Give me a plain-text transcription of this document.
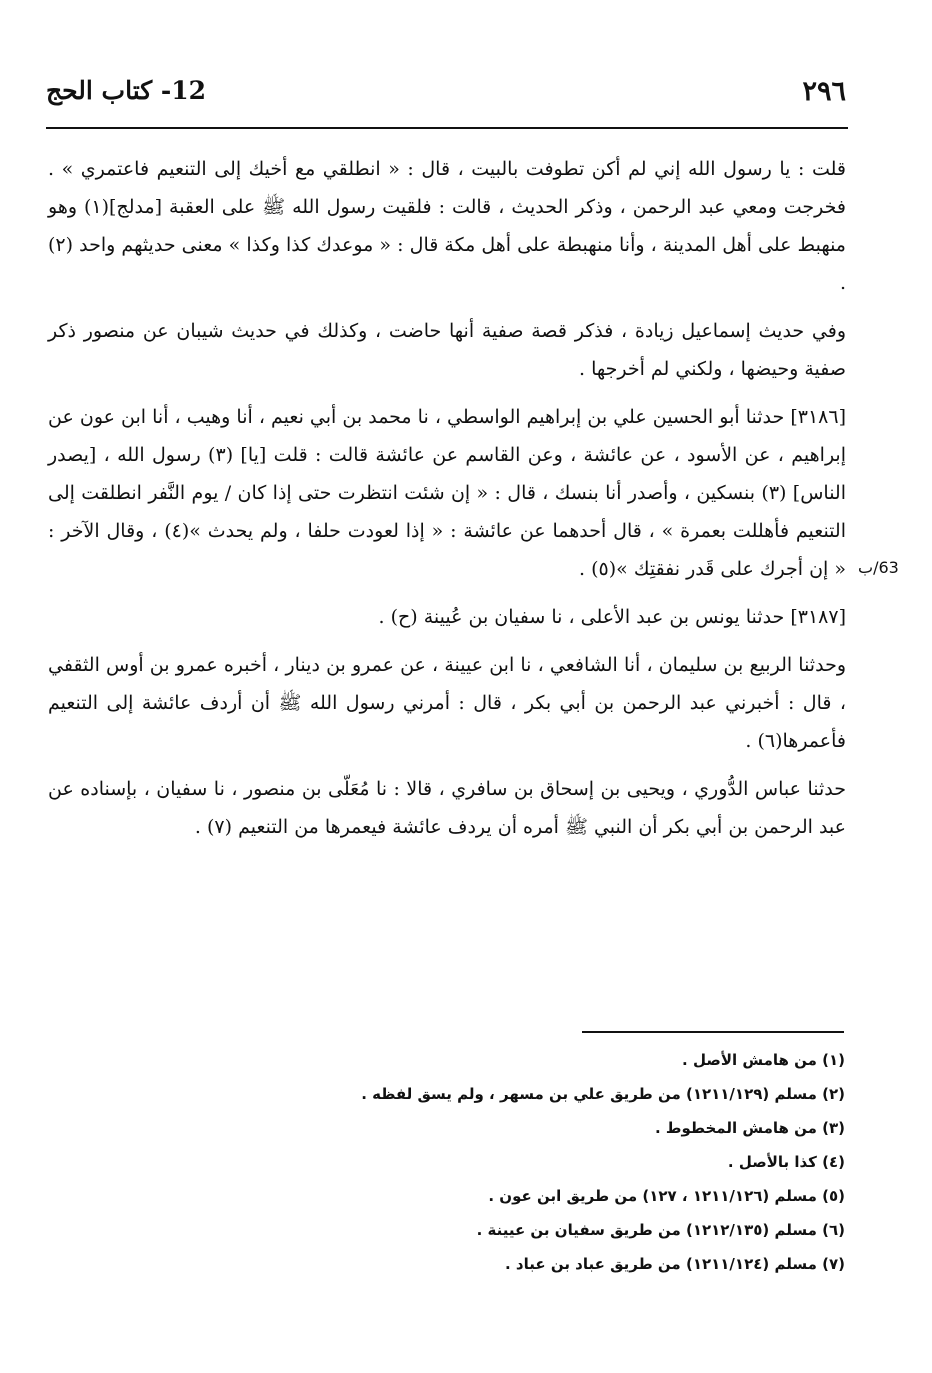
٢٩٦
12- كتاب الحج
63/ب

قلت : يا رسول الله إني لم أكن تطوفت بالبيت ، قال : « انطلقي مع أخيك إلى التنعيم فاعتمري » . فخرجت ومعي عبد الرحمن ، وذكر الحديث ، قالت : فلقيت رسول الله ﷺ على العقبة [مدلج](١) وهو منهبط على أهل المدينة ، وأنا منهبطة على أهل مكة قال : « موعدك كذا وكذا » معنى حديثهم واحد (٢) .

وفي حديث إسماعيل زيادة ، فذكر قصة صفية أنها حاضت ، وكذلك في حديث شيبان عن منصور ذكر صفية وحيضها ، ولكني لم أخرجها .

[٣١٨٦] حدثنا أبو الحسين علي بن إبراهيم الواسطي ، نا محمد بن أبي نعيم ، أنا وهيب ، أنا ابن عون عن إبراهيم ، عن الأسود ، عن عائشة ، وعن القاسم عن عائشة قالت : قلت [يا] (٣) رسول الله ، [يصدر الناس] (٣) بنسكين ، وأصدر أنا بنسك ، قال : « إن شئت انتظرت حتى إذا كان / يوم النَّفر انطلقت إلى التنعيم فأهللت بعمرة » ، قال أحدهما عن عائشة : « إذا لعودت حلفا ، ولم يحدث »(٤) ، وقال الآخر : « إن أجرك على قَدر نفقتِك »(٥) .

[٣١٨٧] حدثنا يونس بن عبد الأعلى ، نا سفيان بن عُيينة (ح) .

وحدثنا الربيع بن سليمان ، أنا الشافعي ، نا ابن عيينة ، عن عمرو بن دينار ، أخبره عمرو بن أوس الثقفي ، قال : أخبرني عبد الرحمن بن أبي بكر ، قال : أمرني رسول الله ﷺ أن أردف عائشة إلى التنعيم فأعمرها(٦) .

حدثنا عباس الدُّوري ، ويحيى بن إسحاق بن سافري ، قالا : نا مُعَلّى بن منصور ، نا سفيان ، بإسناده عن عبد الرحمن بن أبي بكر أن النبي ﷺ أمره أن يردف عائشة فيعمرها من التنعيم (٧) .

(١) من هامش الأصل .

(٢) مسلم (١٢١١/١٢٩) من طريق علي بن مسهر ، ولم يسق لفظه .

(٣) من هامش المخطوط .

(٤) كذا بالأصل .

(٥) مسلم (١٢١١/١٢٦ ، ١٢٧) من طريق ابن عون .

(٦) مسلم (١٢١٢/١٣٥) من طريق سفيان بن عيينة .

(٧) مسلم (١٢١١/١٢٤) من طريق عباد بن عباد .
